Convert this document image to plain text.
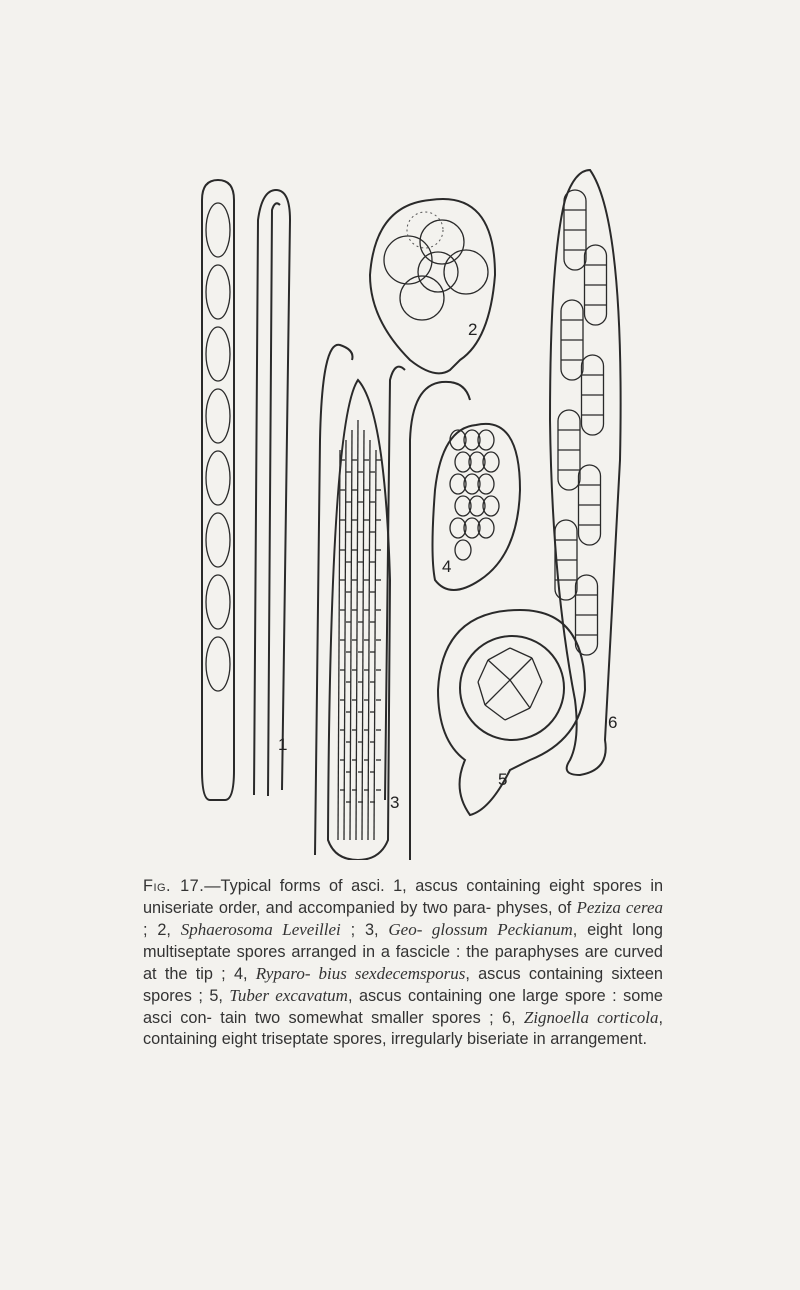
1
2
3
4
5
6
Fig. 17.—Typical forms of asci. 1, ascus containing eight spores in uniseriate order, and accompanied by two para- physes, of Peziza cerea ; 2, Sphaerosoma Leveillei ; 3, Geo- glossum Peckianum, eight long multiseptate spores arranged in a fascicle : the paraphyses are curved at the tip ; 4, Ryparo- bius sexdecemsporus, ascus containing sixteen spores ; 5, Tuber excavatum, ascus containing one large spore : some asci con- tain two somewhat smaller spores ; 6, Zignoella corticola, containing eight triseptate spores, irregularly biseriate in arrangement.
